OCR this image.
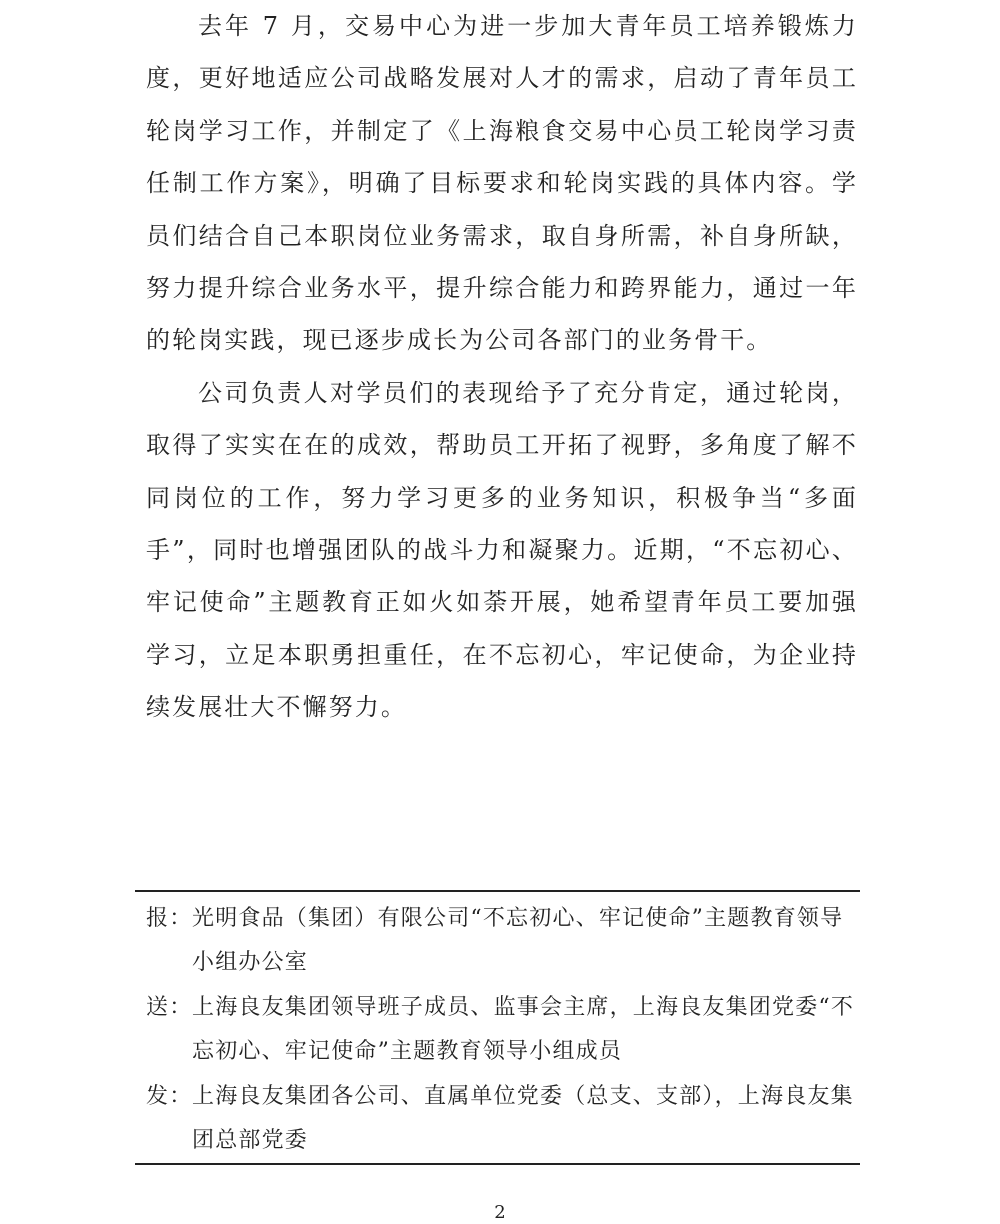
去年 7 月，交易中心为进一步加大青年员工培养锻炼力度，更好地适应公司战略发展对人才的需求，启动了青年员工轮岗学习工作，并制定了《上海粮食交易中心员工轮岗学习责任制工作方案》，明确了目标要求和轮岗实践的具体内容。学员们结合自己本职岗位业务需求，取自身所需，补自身所缺，努力提升综合业务水平，提升综合能力和跨界能力，通过一年的轮岗实践，现已逐步成长为公司各部门的业务骨干。

公司负责人对学员们的表现给予了充分肯定，通过轮岗，取得了实实在在的成效，帮助员工开拓了视野，多角度了解不同岗位的工作，努力学习更多的业务知识，积极争当“多面手”，同时也增强团队的战斗力和凝聚力。近期，“不忘初心、牢记使命”主题教育正如火如荼开展，她希望青年员工要加强学习，立足本职勇担重任，在不忘初心，牢记使命，为企业持续发展壮大不懈努力。

报： 光明食品（集团）有限公司“不忘初心、牢记使命”主题教育领导小组办公室
送： 上海良友集团领导班子成员、监事会主席，上海良友集团党委“不忘初心、牢记使命”主题教育领导小组成员
发： 上海良友集团各公司、直属单位党委（总支、支部），上海良友集团总部党委
2
